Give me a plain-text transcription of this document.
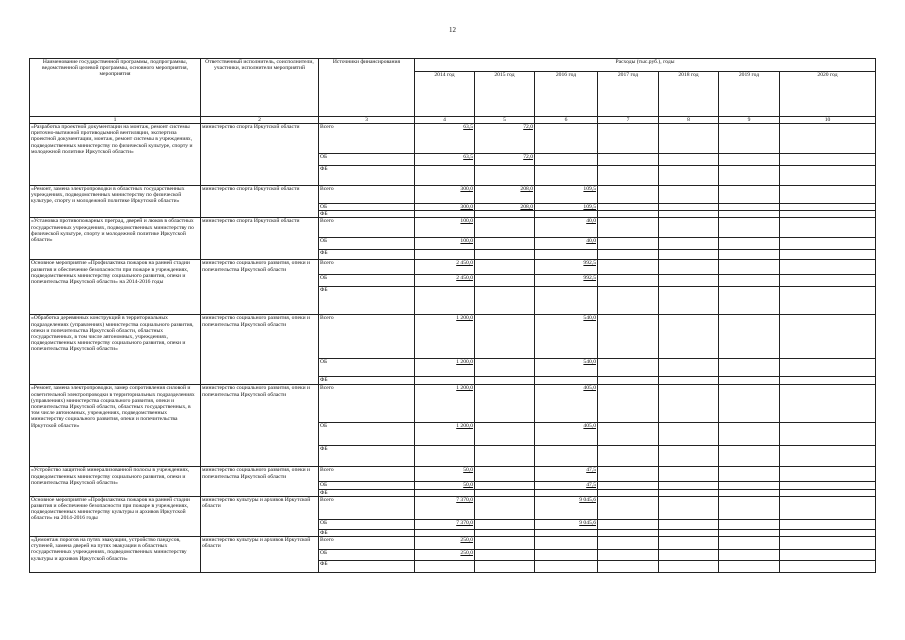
12
Наименование государственной программы, подпрограммы, ведомственной целевой программы, основного мероприятия, мероприятия	Ответственный исполнитель, соисполнители, участники, исполнители мероприятий	Источники финансирования	Расходы (тыс.руб.), годы						
			2014 год	2015 год	2016 год	2017 год	2018 год	2019 год	2020 год
1	2	3	4	5	6	7	8	9	10
«Разработка проектной документации на монтаж, ремонт системы приточно-вытяжной противодымной вентиляции, экспертиза проектной документации, монтаж, ремонт системы в учреждениях, подведомственных министерству по физической культуре, спорту и молодежной политике Иркутской области»	министерство спорта Иркутской области	Всего	63,5	72,0					
		ОБ	63,5	72,0					
		ФБ							
«Ремонт, замена электропроводки в областных государственных учреждениях, подведомственных министерству по физической культуре, спорту и молодежной политике Иркутской области»	министерство спорта Иркутской области	Всего	300,0	208,0	109,5				
		ОБ	300,0	208,0	109,5				
		ФБ							
«Установка противопожарных преград, дверей и люков в областных государственных учреждениях, подведомственных министерству по физической культуре, спорту и молодежной политике Иркутской области»	министерство спорта Иркутской области	Всего	100,0		40,0				
		ОБ	100,0		40,0				
		ФБ							
Основное мероприятие «Профилактика пожаров на ранней стадии развития и обеспечение безопасности при пожаре в учреждениях, подведомственных министерству социального развития, опеки и попечительства Иркутской области» на 2014-2016 годы	министерство социального развития, опеки и попечительства Иркутской области	Всего	2 450,0		992,5				
		ОБ	2 450,0		992,5				
		ФБ							
«Обработка деревянных конструкций в территориальных подразделениях (управлениях) министерства социального развития, опеки и попечительства Иркутской области, областных государственных, в том числе автономных, учреждениях, подведомственных министерству социального развития, опеки и попечительства Иркутской области»	министерство социального развития, опеки и попечительства Иркутской области	Всего	1 200,0		540,0				
		ОБ	1 200,0		540,0				
		ФБ							
«Ремонт, замена электропроводки, замер сопротивления силовой и осветительной электропроводки в территориальных подразделениях (управлениях) министерства социального развития, опеки и попечительства Иркутской области, областных государственных, в том числе автономных, учреждениях, подведомственных министерству социального развития, опеки и попечительства Иркутской области»	министерство социального развития, опеки и попечительства Иркутской области	Всего	1 200,0		405,0				
		ОБ	1 200,0		405,0				
		ФБ							
«Устройство защитной минерализованной полосы в учреждениях, подведомственных министерству социального развития, опеки и попечительства Иркутской области»	министерство социального развития, опеки и попечительства Иркутской области	Всего	50,0		47,5				
		ОБ	50,0		47,5				
		ФБ							
Основное мероприятие «Профилактика пожаров на ранней стадии развития и обеспечение безопасности при пожаре в учреждениях, подведомственных министерству культуры и архивов Иркутской области» на 2014-2016 годы	министерство культуры и архивов Иркутской области	Всего	7 370,0		9 045,6				
		ОБ	7 370,0		9 045,6				
		ФБ							
«Демонтаж порогов на путях эвакуации, устройство пандусов, ступеней, замена дверей на путях эвакуации в областных государственных учреждениях, подведомственных министерству культуры и архивов Иркутской области»	министерство культуры и архивов Иркутской области	Всего	250,0						
		ОБ	250,0						
		ФБ							
